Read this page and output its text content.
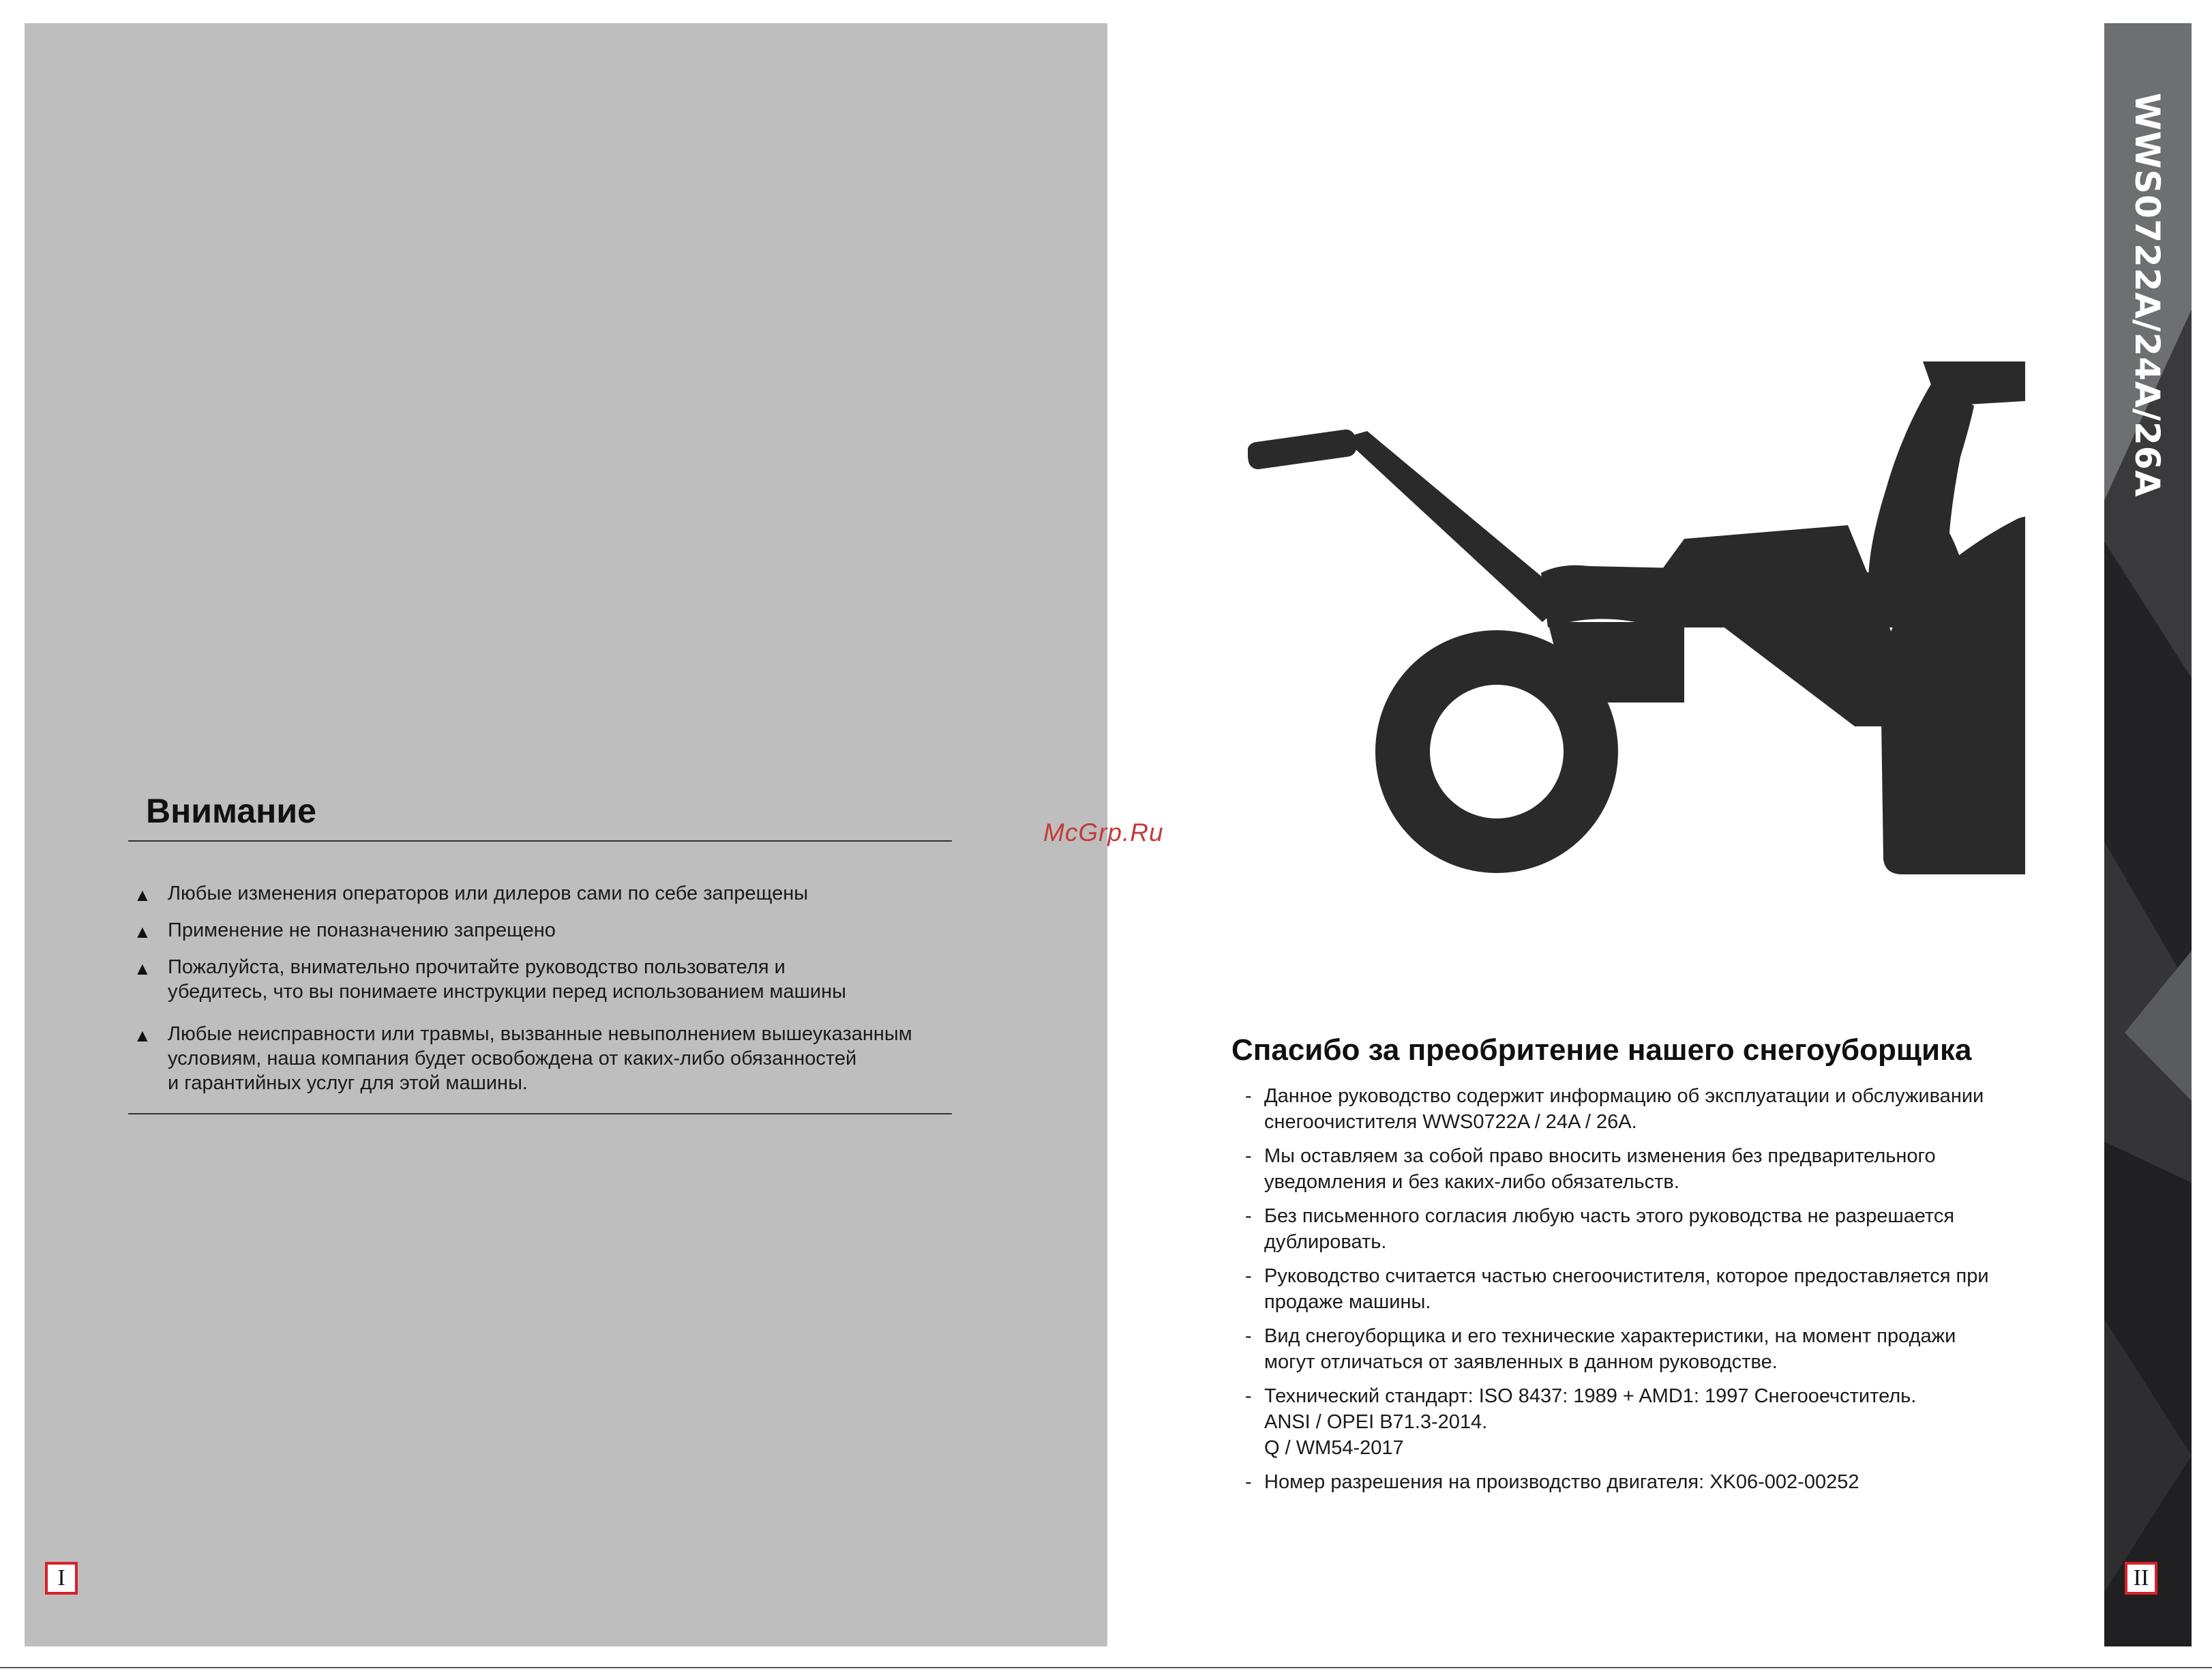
Внимание
▲ Любые изменения операторов или дилеров сами по себе запрещены
▲ Применение не поназначению запрещено
▲ Пожалуйста, внимательно прочитайте руководство пользователя и
убедитесь, что вы понимаете инструкции перед использованием машины
▲ Любые неисправности или травмы, вызванные невыполнением вышеуказанным
условиям, наша компания будет освобождена от каких-либо обязанностей
и гарантийных услуг для этой машины.
I
McGrp.Ru
Спасибо за преобритение нашего снегоуборщика
- Данное руководство содержит информацию об эксплуатации и обслуживании
снегоочистителя WWS0722A / 24A / 26A.
- Мы оставляем за собой право вносить изменения без предварительного
уведомления и без каких-либо обязательств.
- Без письменного согласия любую часть этого руководства не разрешается
дублировать.
- Руководство считается частью снегоочистителя, которое предоставляется при
продаже машины.
- Вид снегоуборщика и его технические характеристики, на момент продажи
могут отличаться от заявленных в данном руководстве.
- Технический стандарт: ISO 8437: 1989 + AMD1: 1997 Снегооечститель.
ANSI / OPEI B71.3-2014.
Q / WM54-2017
- Номер разрешения на производство двигателя: XK06-002-00252
WWS0722A/24A/26A
II
